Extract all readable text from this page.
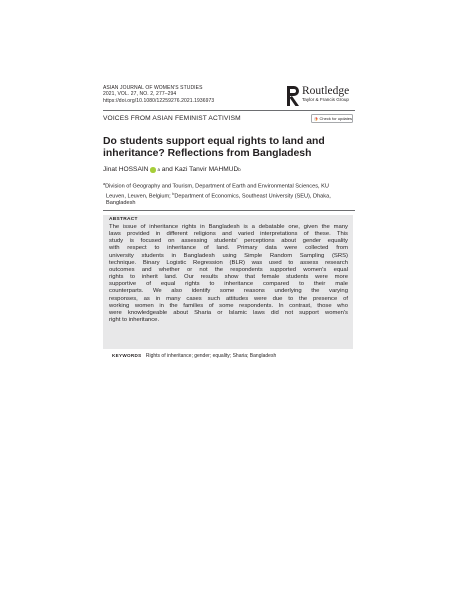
ASIAN JOURNAL OF WOMEN'S STUDIES
2021, VOL. 27, NO. 2, 277–294
https://doi.org/10.1080/12259276.2021.1936973
Routledge
Taylor & Francis Group
VOICES FROM ASIAN FEMINIST ACTIVISM	Check for updates
Do students support equal rights to land and
inheritance? Reflections from Bangladesh
Jinat HOSSAIN a
and
Kazi Tanvir MAHMUD b
$^a$Division of Geography and Tourism, Department of Earth and Environmental Sciences, KU
Leuven, Leuven, Belgium; $^b$Department of Economics, Southeast University (SEU), Dhaka,
Bangladesh
ABSTRACT
The issue of inheritance rights in Bangladesh is a debatable one, given the many
laws provided in different religions and varied interpretations of these. This
study is focused on assessing students' perceptions about gender equality
with respect to inheritance of land. Primary data were collected from
university students in Bangladesh using Simple Random Sampling (SRS)
technique. Binary Logistic Regression (BLR) was used to assess research
outcomes and whether or not the respondents supported women's equal
rights to inherit land. Our results show that female students were more
supportive of equal rights to inheritance compared to their male
counterparts. We also identify some reasons underlying the varying
responses, as in many cases such attitudes were due to the presence of
working women in the families of some respondents. In contrast, those who
were knowledgeable about Sharia or Islamic laws did not support women's
right to inheritance.
KEYWORDS Rights of inheritance; gender; equality; Sharia; Bangladesh
